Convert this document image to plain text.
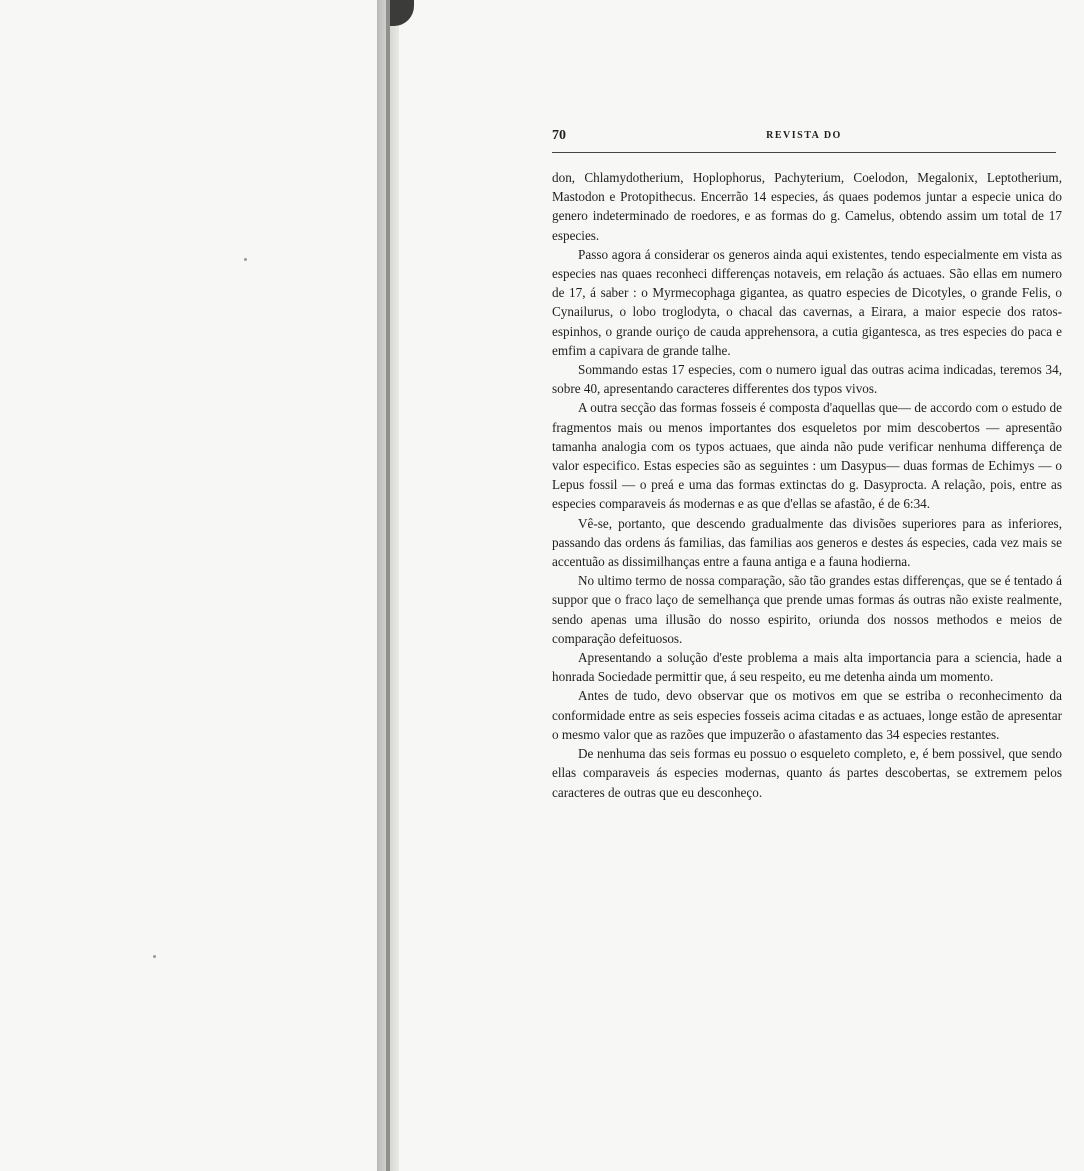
70	REVISTA DO

don, Chlamydotherium, Hoplophorus, Pachyterium, Coelodon, Megalonix, Leptotherium, Mastodon e Protopithecus. Encerrão 14 especies, ás quaes podemos juntar a especie unica do genero indeterminado de roedores, e as formas do g. Camelus, obtendo assim um total de 17 especies.

Passo agora á considerar os generos ainda aqui existentes, tendo especialmente em vista as especies nas quaes reconheci differenças notaveis, em relação ás actuaes. São ellas em numero de 17, á saber : o Myrmecophaga gigantea, as quatro especies de Dicotyles, o grande Felis, o Cynailurus, o lobo troglodyta, o chacal das cavernas, a Eirara, a maior especie dos ratos-espinhos, o grande ouriço de cauda apprehensora, a cutia gigantesca, as tres especies do paca e emfim a capivara de grande talhe.

Sommando estas 17 especies, com o numero igual das outras acima indicadas, teremos 34, sobre 40, apresentando caracteres differentes dos typos vivos.

A outra secção das formas fosseis é composta d'aquellas que— de accordo com o estudo de fragmentos mais ou menos importantes dos esqueletos por mim descobertos — apresentão tamanha analogia com os typos actuaes, que ainda não pude verificar nenhuma differença de valor especifico. Estas especies são as seguintes : um Dasypus— duas formas de Echimys — o Lepus fossil — o preá e uma das formas extinctas do g. Dasyprocta. A relação, pois, entre as especies comparaveis ás modernas e as que d'ellas se afastão, é de 6:34.

Vê-se, portanto, que descendo gradualmente das divisões superiores para as inferiores, passando das ordens ás familias, das familias aos generos e destes ás especies, cada vez mais se accentuão as dissimilhanças entre a fauna antiga e a fauna hodierna.

No ultimo termo de nossa comparação, são tão grandes estas differenças, que se é tentado á suppor que o fraco laço de semelhança que prende umas formas ás outras não existe realmente, sendo apenas uma illusão do nosso espirito, oriunda dos nossos methodos e meios de comparação defeituosos.

Apresentando a solução d'este problema a mais alta importancia para a sciencia, hade a honrada Sociedade permittir que, á seu respeito, eu me detenha ainda um momento.

Antes de tudo, devo observar que os motivos em que se estriba o reconhecimento da conformidade entre as seis especies fosseis acima citadas e as actuaes, longe estão de apresentar o mesmo valor que as razões que impuzerão o afastamento das 34 especies restantes.

De nenhuma das seis formas eu possuo o esqueleto completo, e, é bem possivel, que sendo ellas comparaveis ás especies modernas, quanto ás partes descobertas, se extremem pelos caracteres de outras que eu desconheço.
